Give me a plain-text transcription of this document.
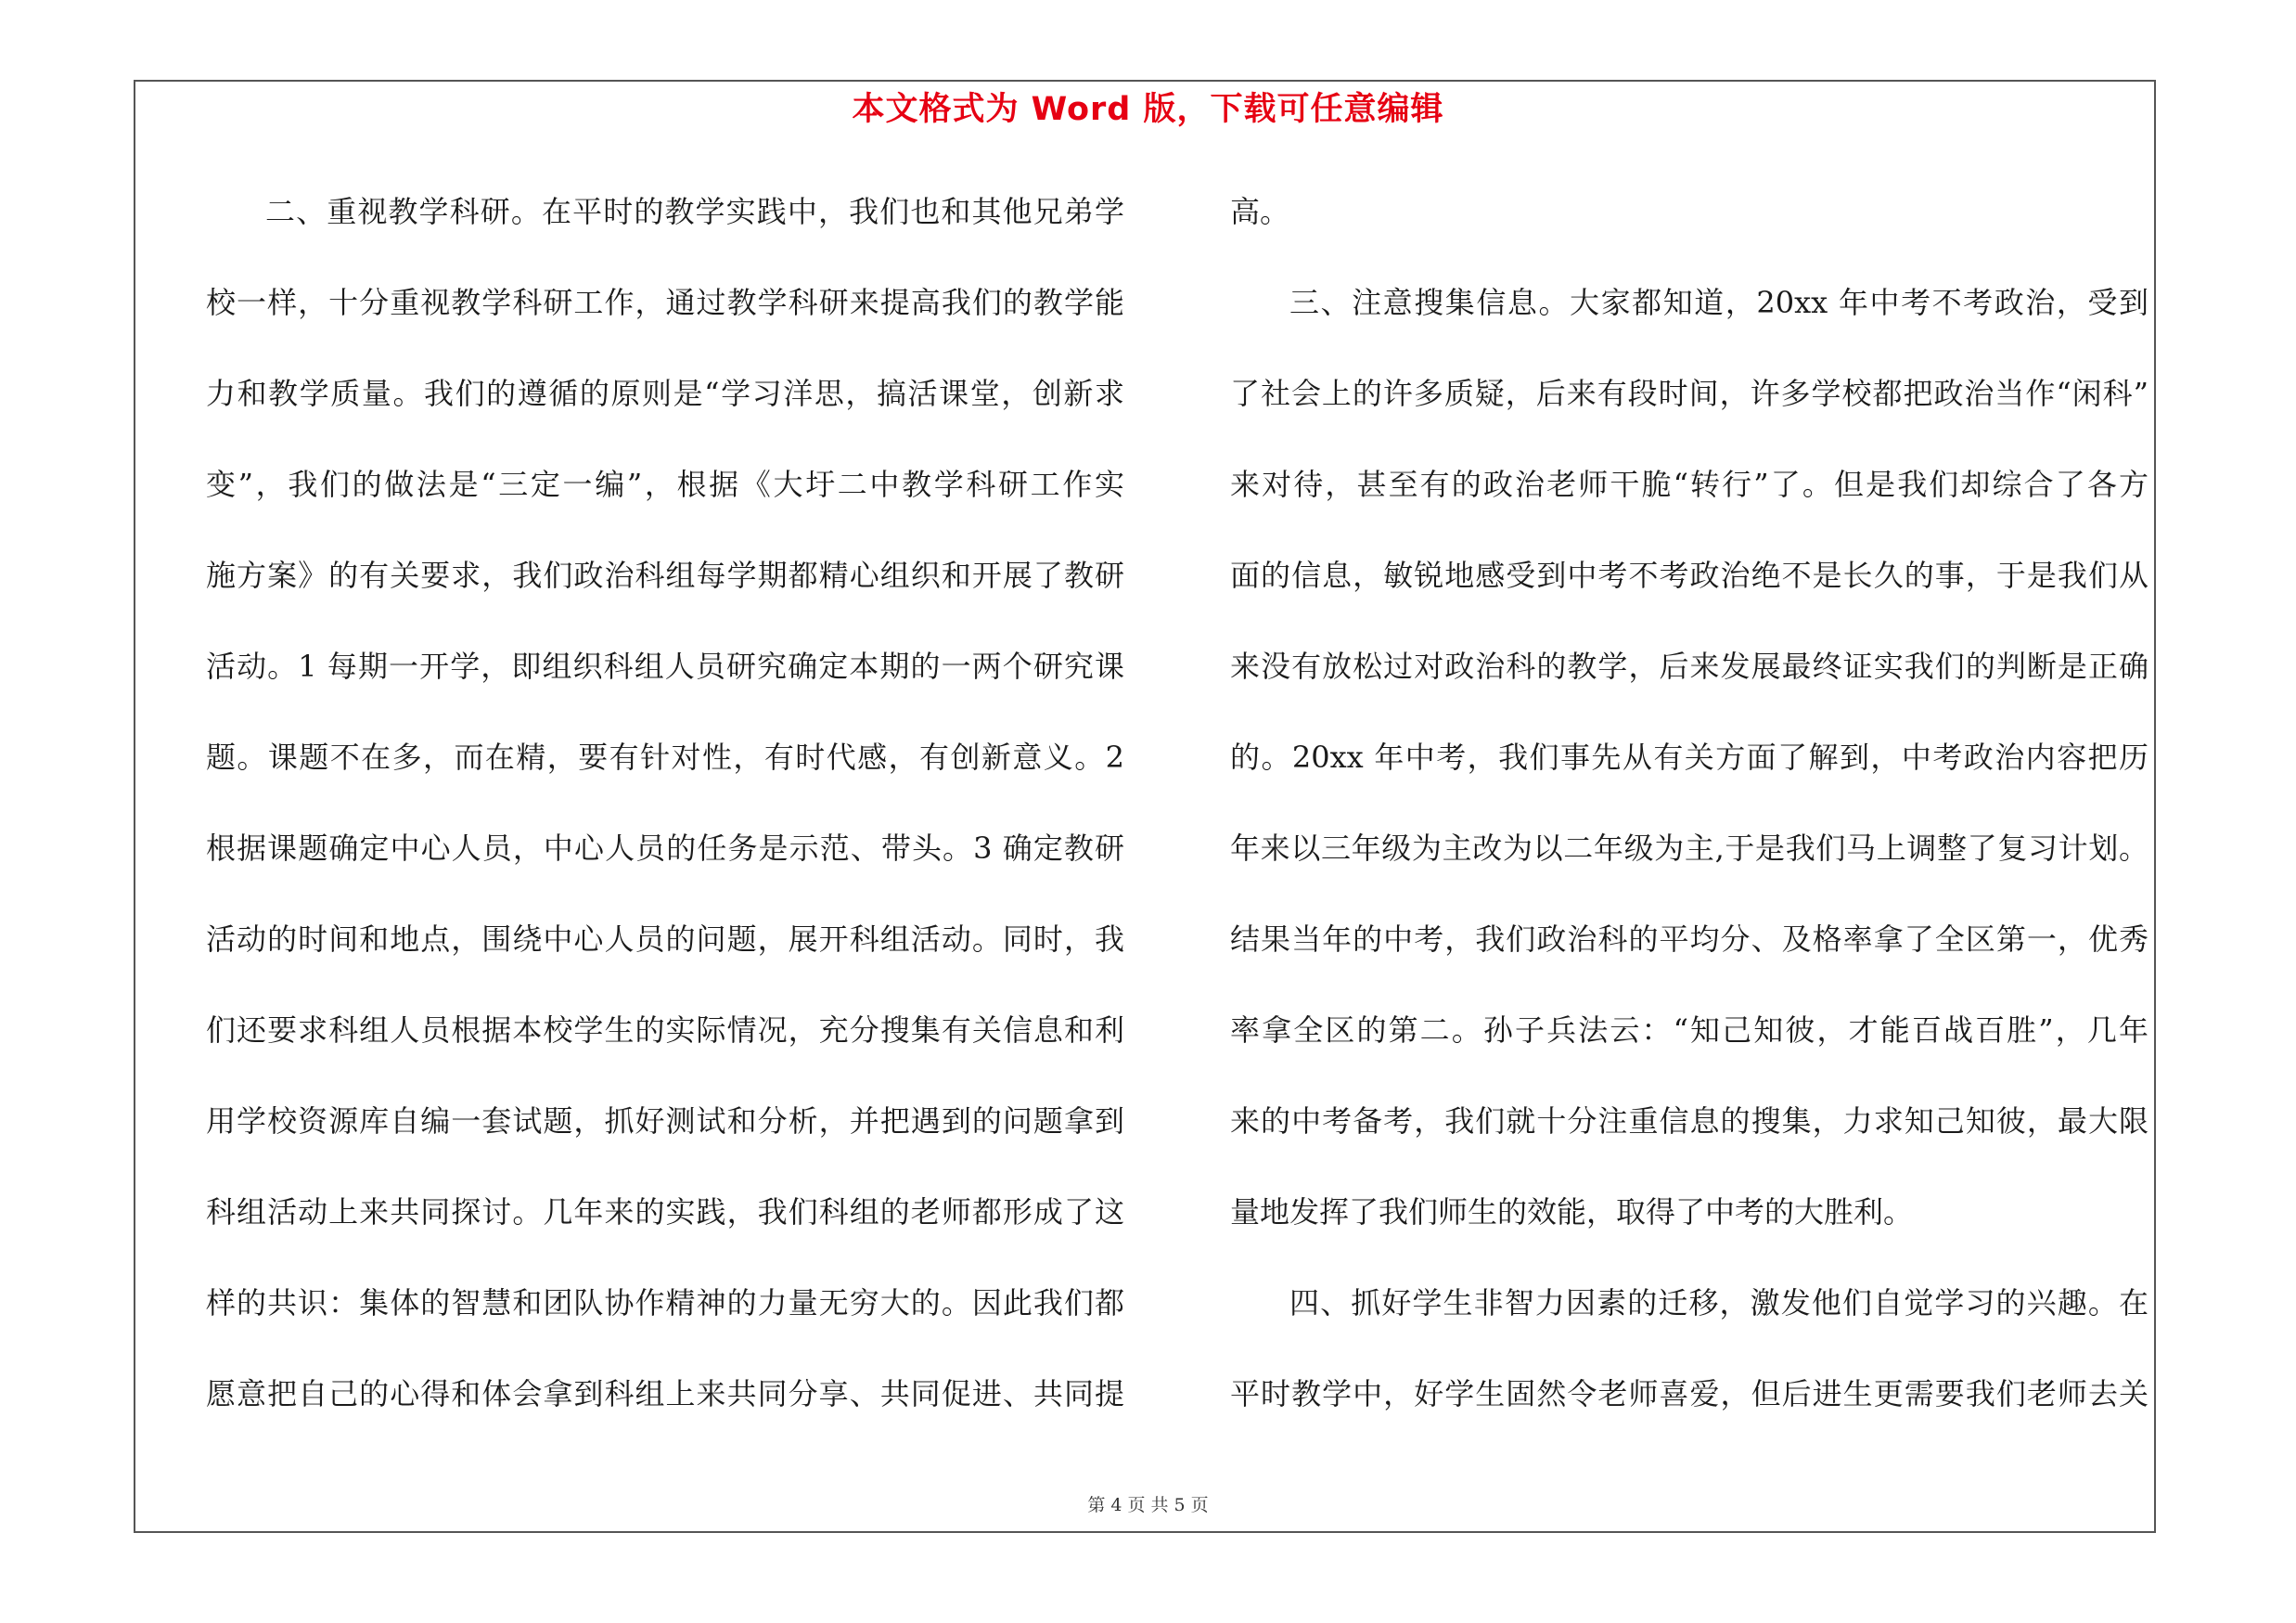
本文格式为 Word 版，下载可任意编辑
二、重视教学科研。在平时的教学实践中，我们也和其他兄弟学
校一样，十分重视教学科研工作，通过教学科研来提高我们的教学能
力和教学质量。我们的遵循的原则是“学习洋思，搞活课堂，创新求
变”，我们的做法是“三定一编”，根据《大圩二中教学科研工作实
施方案》的有关要求，我们政治科组每学期都精心组织和开展了教研
活动。1 每期一开学，即组织科组人员研究确定本期的一两个研究课
题。课题不在多，而在精，要有针对性，有时代感，有创新意义。2
根据课题确定中心人员，中心人员的任务是示范、带头。3 确定教研
活动的时间和地点，围绕中心人员的问题，展开科组活动。同时，我
们还要求科组人员根据本校学生的实际情况，充分搜集有关信息和利
用学校资源库自编一套试题，抓好测试和分析，并把遇到的问题拿到
科组活动上来共同探讨。几年来的实践，我们科组的老师都形成了这
样的共识：集体的智慧和团队协作精神的力量无穷大的。因此我们都
愿意把自己的心得和体会拿到科组上来共同分享、共同促进、共同提
高。
三、注意搜集信息。大家都知道，20xx 年中考不考政治，受到
了社会上的许多质疑，后来有段时间，许多学校都把政治当作“闲科”
来对待，甚至有的政治老师干脆“转行”了。但是我们却综合了各方
面的信息，敏锐地感受到中考不考政治绝不是长久的事，于是我们从
来没有放松过对政治科的教学，后来发展最终证实我们的判断是正确
的。20xx 年中考，我们事先从有关方面了解到，中考政治内容把历
年来以三年级为主改为以二年级为主,于是我们马上调整了复习计划。
结果当年的中考，我们政治科的平均分、及格率拿了全区第一，优秀
率拿全区的第二。孙子兵法云：“知己知彼，才能百战百胜”，几年
来的中考备考，我们就十分注重信息的搜集，力求知己知彼，最大限
量地发挥了我们师生的效能，取得了中考的大胜利。
四、抓好学生非智力因素的迁移，激发他们自觉学习的兴趣。在
平时教学中，好学生固然令老师喜爱，但后进生更需要我们老师去关
第 4 页 共 5 页
